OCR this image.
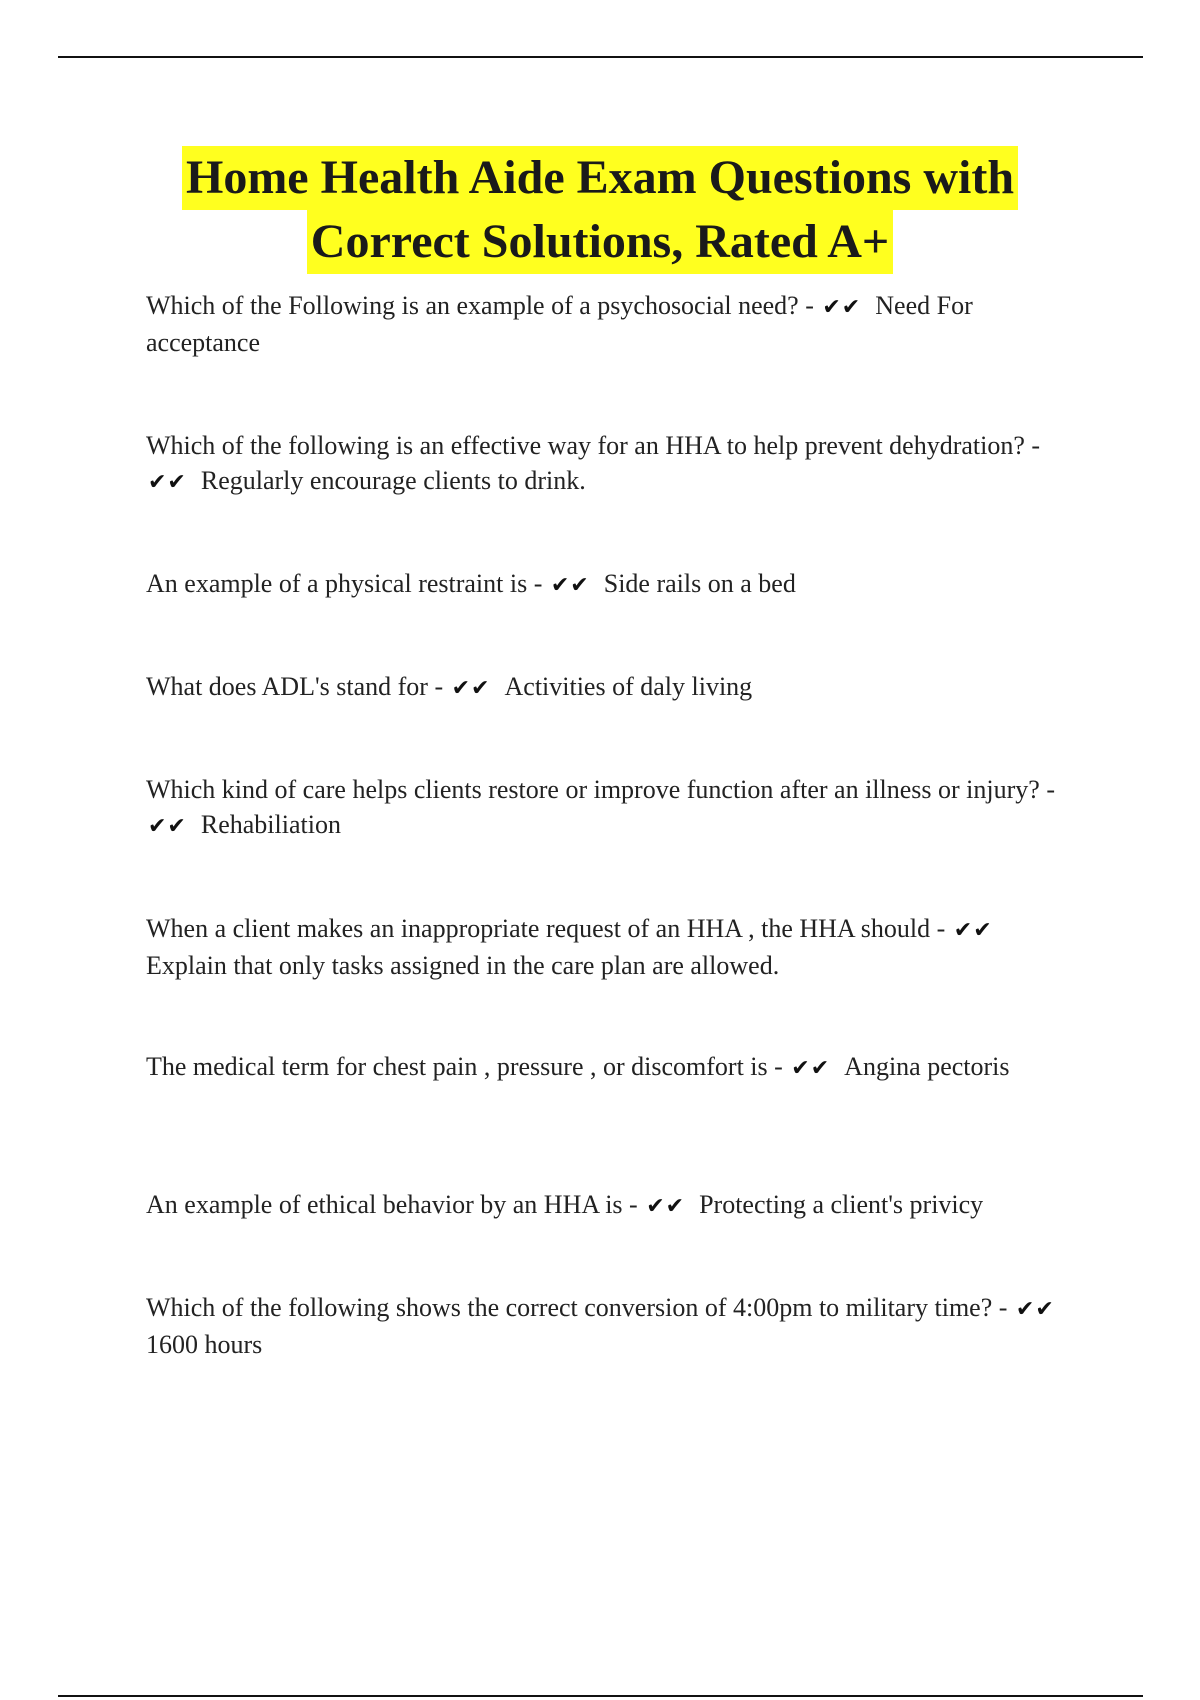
Home Health Aide Exam Questions with
Correct Solutions, Rated A+
Which of the Following is an example of a psychosocial need? - ✔✔ Need For acceptance
Which of the following is an effective way for an HHA to help prevent dehydration? - ✔✔ Regularly encourage clients to drink.
An example of a physical restraint is - ✔✔ Side rails on a bed
What does ADL's stand for - ✔✔ Activities of daly living
Which kind of care helps clients restore or improve function after an illness or injury? - ✔✔ Rehabiliation
When a client makes an inappropriate request of an HHA , the HHA should - ✔✔Explain that only tasks assigned in the care plan are allowed.
The medical term for chest pain , pressure , or discomfort is - ✔✔ Angina pectoris
An example of ethical behavior by an HHA is - ✔✔ Protecting a client's privicy
Which of the following shows the correct conversion of 4:00pm to military time? - ✔✔1600 hours
